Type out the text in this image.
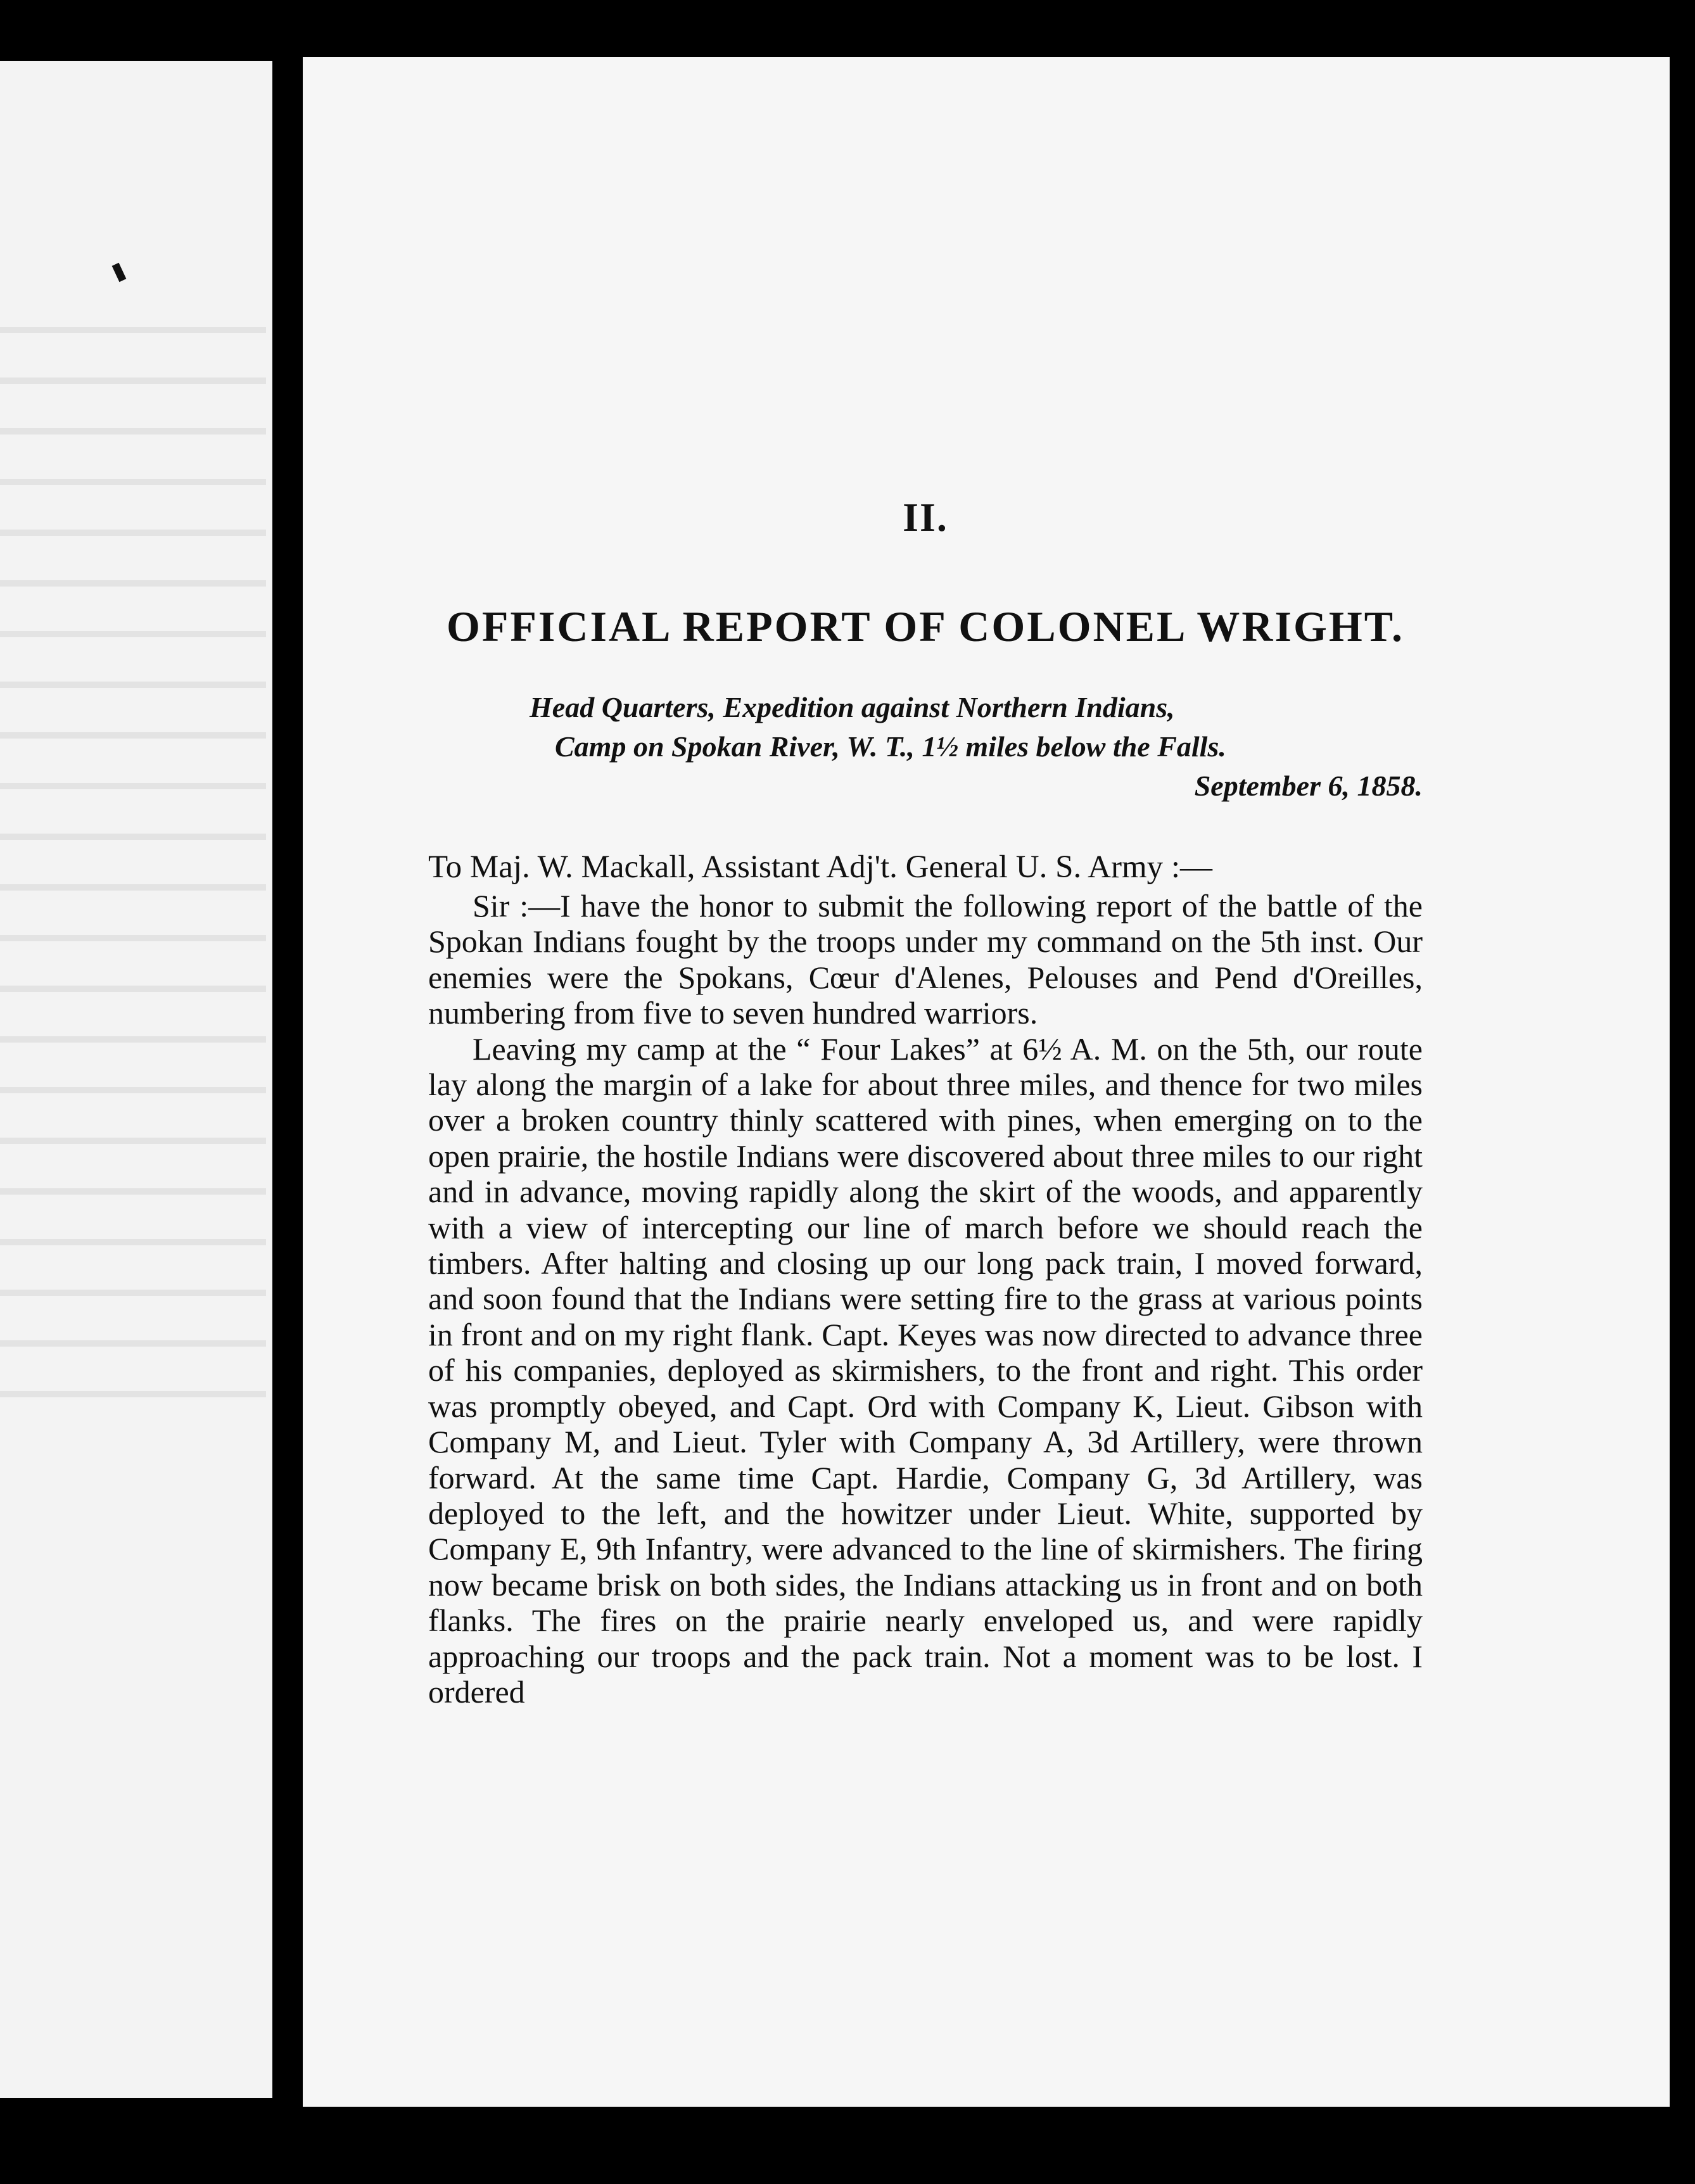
II.
OFFICIAL REPORT OF COLONEL WRIGHT.
Head Quarters, Expedition against Northern Indians,
Camp on Spokan River, W. T., 1½ miles below the Falls.
September 6, 1858.
To Maj. W. Mackall, Assistant Adj't. General U. S. Army :—

Sir :—I have the honor to submit the following report of the battle of the Spokan Indians fought by the troops under my command on the 5th inst. Our enemies were the Spokans, Cœur d'Alenes, Pelouses and Pend d'Oreilles, numbering from five to seven hundred warriors.

Leaving my camp at the “ Four Lakes” at 6½ A. M. on the 5th, our route lay along the margin of a lake for about three miles, and thence for two miles over a broken country thinly scattered with pines, when emerging on to the open prairie, the hostile Indians were discovered about three miles to our right and in advance, moving rapidly along the skirt of the woods, and apparently with a view of intercepting our line of march before we should reach the timbers. After halting and closing up our long pack train, I moved forward, and soon found that the Indians were setting fire to the grass at various points in front and on my right flank. Capt. Keyes was now directed to advance three of his companies, deployed as skirmishers, to the front and right. This order was promptly obeyed, and Capt. Ord with Company K, Lieut. Gibson with Company M, and Lieut. Tyler with Company A, 3d Artillery, were thrown forward. At the same time Capt. Hardie, Company G, 3d Artillery, was deployed to the left, and the howitzer under Lieut. White, supported by Company E, 9th Infantry, were advanced to the line of skirmishers. The firing now became brisk on both sides, the Indians attacking us in front and on both flanks. The fires on the prairie nearly enveloped us, and were rapidly approaching our troops and the pack train. Not a moment was to be lost. I ordered
